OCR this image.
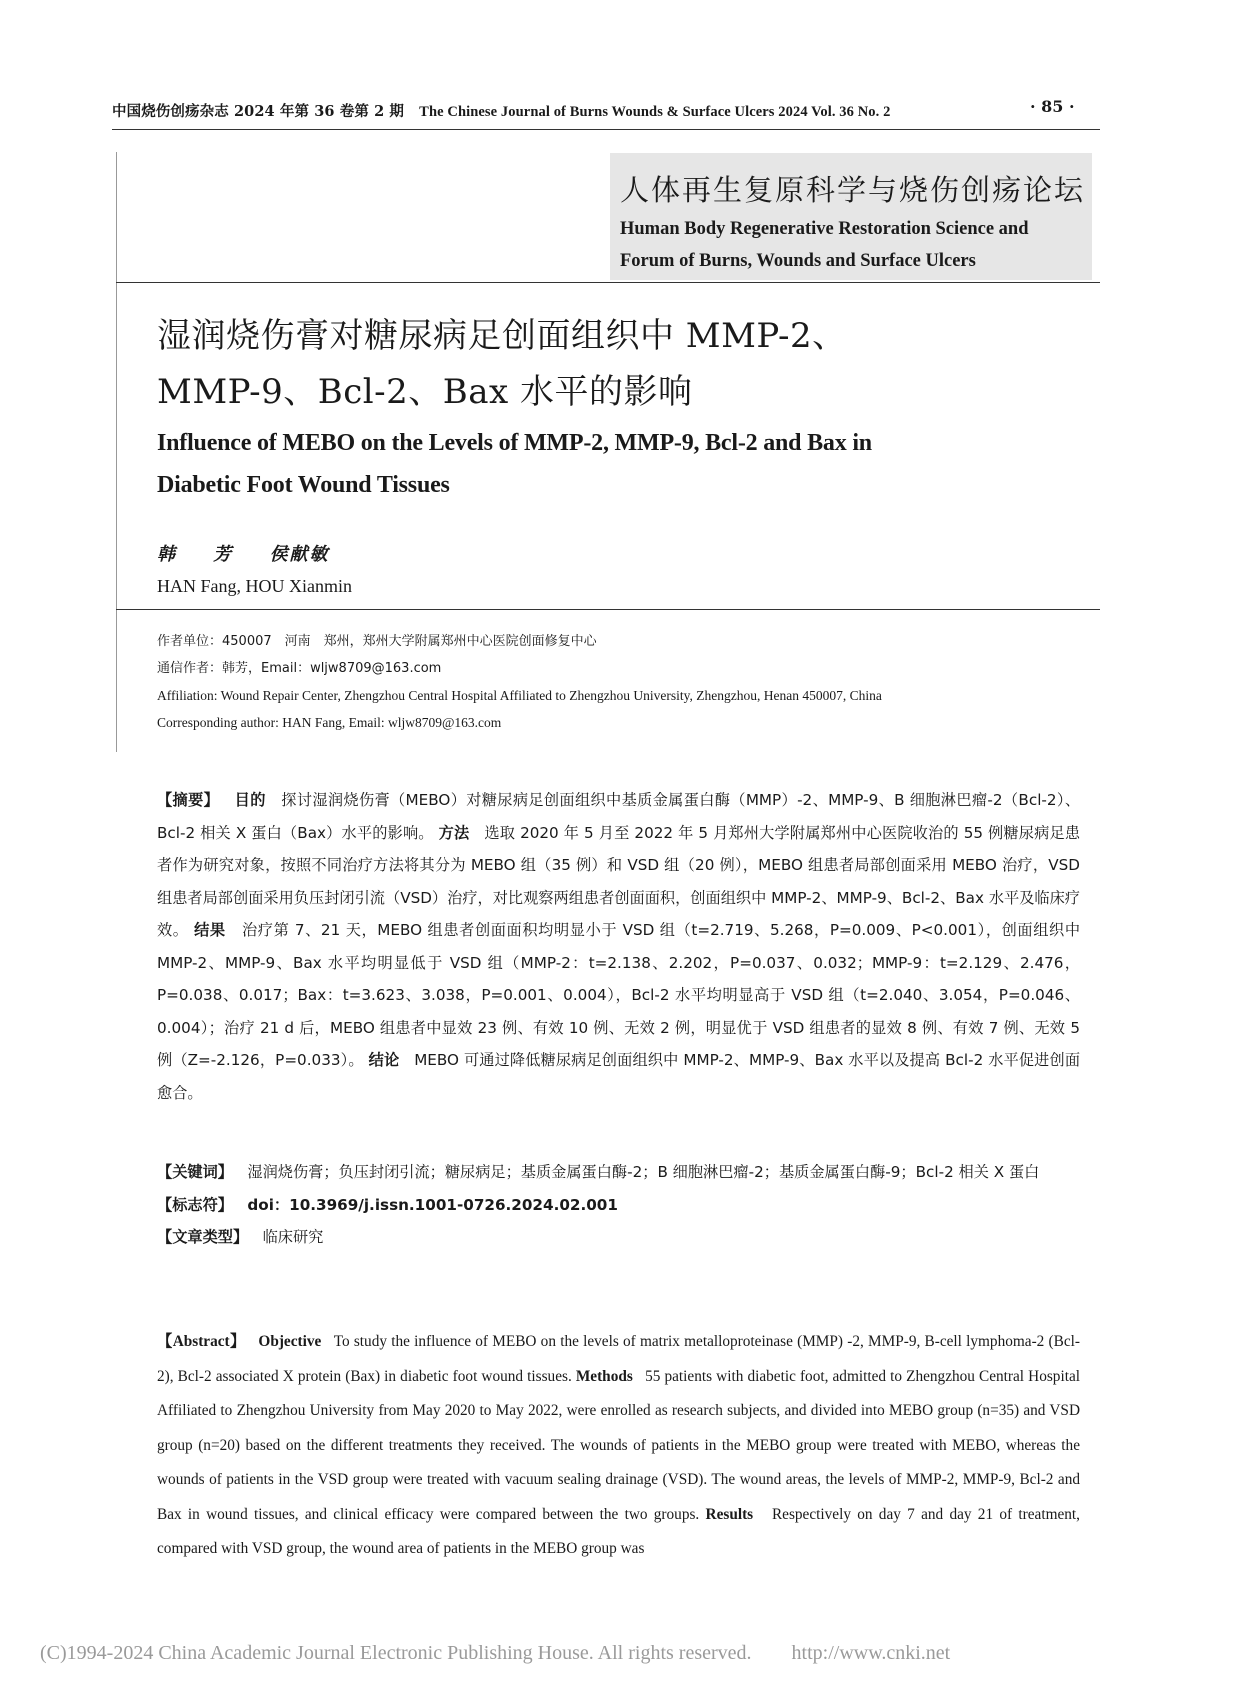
中国烧伤创疡杂志 2024 年第 36 卷第 2 期 The Chinese Journal of Burns Wounds & Surface Ulcers 2024 Vol. 36 No. 2	· 85 ·
人体再生复原科学与烧伤创疡论坛
Human Body Regenerative Restoration Science and
Forum of Burns, Wounds and Surface Ulcers
湿润烧伤膏对糖尿病足创面组织中 MMP-2、
MMP-9、Bcl-2、Bax 水平的影响
Influence of MEBO on the Levels of MMP-2, MMP-9, Bcl-2 and Bax in
Diabetic Foot Wound Tissues
韩 芳 侯献敏
HAN Fang, HOU Xianmin
作者单位：450007　河南　郑州，郑州大学附属郑州中心医院创面修复中心
通信作者：韩芳，Email：wljw8709@163.com
Affiliation: Wound Repair Center, Zhengzhou Central Hospital Affiliated to Zhengzhou University, Zhengzhou, Henan 450007, China
Corresponding author: HAN Fang, Email: wljw8709@163.com
【摘要】 目的 探讨湿润烧伤膏（MEBO）对糖尿病足创面组织中基质金属蛋白酶（MMP）-2、MMP-9、B 细胞淋巴瘤-2（Bcl-2）、Bcl-2 相关 X 蛋白（Bax）水平的影响。 方法 选取 2020 年 5 月至 2022 年 5 月郑州大学附属郑州中心医院收治的 55 例糖尿病足患者作为研究对象，按照不同治疗方法将其分为 MEBO 组（35 例）和 VSD 组（20 例），MEBO 组患者局部创面采用 MEBO 治疗，VSD 组患者局部创面采用负压封闭引流（VSD）治疗，对比观察两组患者创面面积，创面组织中 MMP-2、MMP-9、Bcl-2、Bax 水平及临床疗效。 结果 治疗第 7、21 天，MEBO 组患者创面面积均明显小于 VSD 组（t=2.719、5.268，P=0.009、P<0.001），创面组织中MMP-2、MMP-9、Bax 水平均明显低于 VSD 组（MMP-2：t=2.138、2.202，P=0.037、0.032；MMP-9：t=2.129、2.476，P=0.038、0.017；Bax：t=3.623、3.038，P=0.001、0.004），Bcl-2 水平均明显高于 VSD 组（t=2.040、3.054，P=0.046、0.004）；治疗 21 d 后，MEBO 组患者中显效 23 例、有效 10 例、无效 2 例，明显优于 VSD 组患者的显效 8 例、有效 7 例、无效 5 例（Z=-2.126，P=0.033）。 结论 MEBO 可通过降低糖尿病足创面组织中 MMP-2、MMP-9、Bax 水平以及提高 Bcl-2 水平促进创面愈合。
【关键词】 湿润烧伤膏；负压封闭引流；糖尿病足；基质金属蛋白酶-2；B 细胞淋巴瘤-2；基质金属蛋白酶-9；Bcl-2 相关 X 蛋白
【标志符】 doi：10.3969/j.issn.1001-0726.2024.02.001
【文章类型】 临床研究
【Abstract】 Objective To study the influence of MEBO on the levels of matrix metalloproteinase (MMP) -2, MMP-9, B-cell lymphoma-2 (Bcl-2), Bcl-2 associated X protein (Bax) in diabetic foot wound tissues. Methods 55 patients with diabetic foot, admitted to Zhengzhou Central Hospital Affiliated to Zhengzhou University from May 2020 to May 2022, were enrolled as research subjects, and divided into MEBO group (n=35) and VSD group (n=20) based on the different treatments they received. The wounds of patients in the MEBO group were treated with MEBO, whereas the wounds of patients in the VSD group were treated with vacuum sealing drainage (VSD). The wound areas, the levels of MMP-2, MMP-9, Bcl-2 and Bax in wound tissues, and clinical efficacy were compared between the two groups. Results Respectively on day 7 and day 21 of treatment, compared with VSD group, the wound area of patients in the MEBO group was
(C)1994-2024 China Academic Journal Electronic Publishing House. All rights reserved.　　http://www.cnki.net
